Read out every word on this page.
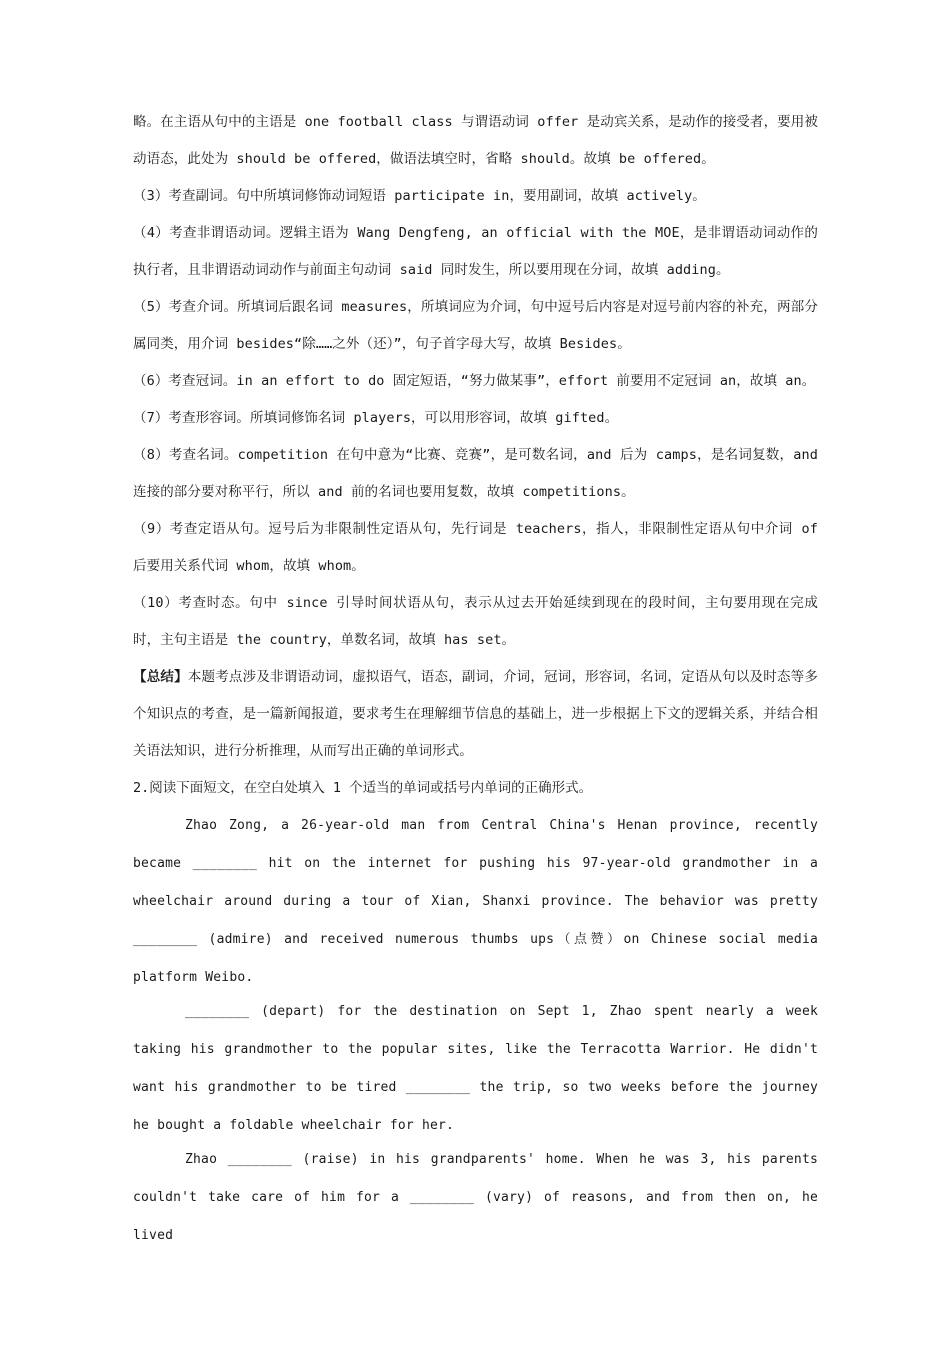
略。在主语从句中的主语是 one football class 与谓语动词 offer 是动宾关系，是动作的接受者，要用被动语态，此处为 should be offered，做语法填空时，省略 should。故填 be offered。

（3）考查副词。句中所填词修饰动词短语 participate in，要用副词，故填 actively。

（4）考查非谓语动词。逻辑主语为 Wang Dengfeng, an official with the MOE，是非谓语动词动作的执行者，且非谓语动词动作与前面主句动词 said 同时发生，所以要用现在分词，故填 adding。

（5）考查介词。所填词后跟名词 measures，所填词应为介词，句中逗号后内容是对逗号前内容的补充，两部分属同类，用介词 besides“除……之外（还）”，句子首字母大写，故填 Besides。

（6）考查冠词。in an effort to do 固定短语，“努力做某事”，effort 前要用不定冠词 an，故填 an。

（7）考查形容词。所填词修饰名词 players，可以用形容词，故填 gifted。

（8）考查名词。competition 在句中意为“比赛、竞赛”，是可数名词，and 后为 camps，是名词复数，and 连接的部分要对称平行，所以 and 前的名词也要用复数，故填 competitions。

（9）考查定语从句。逗号后为非限制性定语从句，先行词是 teachers，指人，非限制性定语从句中介词 of 后要用关系代词 whom，故填 whom。

（10）考查时态。句中 since 引导时间状语从句，表示从过去开始延续到现在的段时间，主句要用现在完成时，主句主语是 the country，单数名词，故填 has set。

【总结】本题考点涉及非谓语动词，虚拟语气，语态，副词，介词，冠词，形容词，名词，定语从句以及时态等多个知识点的考查，是一篇新闻报道，要求考生在理解细节信息的基础上，进一步根据上下文的逻辑关系，并结合相关语法知识，进行分析推理，从而写出正确的单词形式。

2.阅读下面短文，在空白处填入 1 个适当的单词或括号内单词的正确形式。

Zhao Zong, a 26-year-old man from Central China's Henan province, recently became ________ hit on the internet for pushing his 97-year-old grandmother in a wheelchair around during a tour of Xian, Shanxi province. The behavior was pretty ________ (admire) and received numerous thumbs ups（点赞）on Chinese social media platform Weibo.

________ (depart) for the destination on Sept 1, Zhao spent nearly a week taking his grandmother to the popular sites, like the Terracotta Warrior. He didn't want his grandmother to be tired ________ the trip, so two weeks before the journey he bought a foldable wheelchair for her.

Zhao ________ (raise) in his grandparents' home. When he was 3, his parents couldn't take care of him for a ________ (vary) of reasons, and from then on, he lived
